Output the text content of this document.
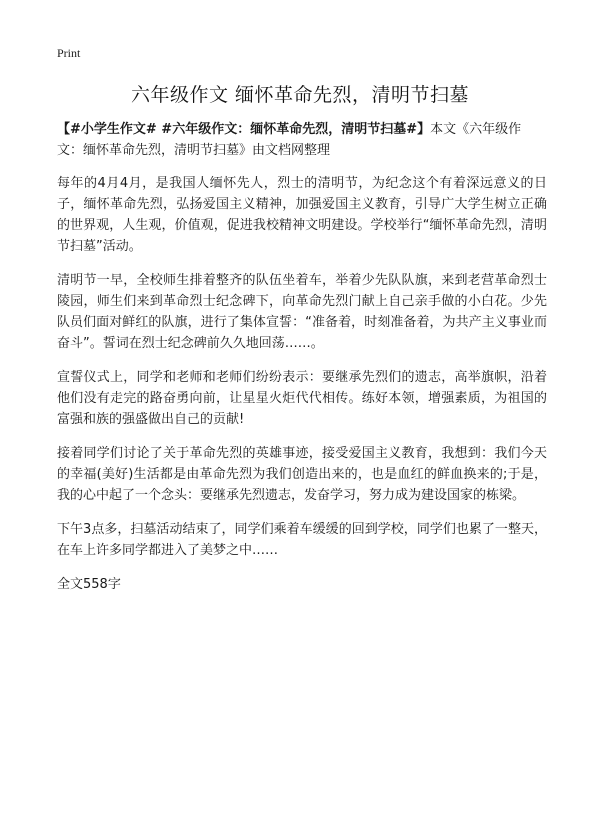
Print
六年级作文 缅怀革命先烈，清明节扫墓

【#小学生作文# #六年级作文：缅怀革命先烈，清明节扫墓#】本文《六年级作文：缅怀革命先烈，清明节扫墓》由文档网整理

每年的4月4月，是我国人缅怀先人，烈士的清明节，为纪念这个有着深远意义的日子，缅怀革命先烈，弘扬爱国主义精神，加强爱国主义教育，引导广大学生树立正确的世界观，人生观，价值观，促进我校精神文明建设。学校举行“缅怀革命先烈，清明节扫墓”活动。

清明节一早，全校师生排着整齐的队伍坐着车，举着少先队队旗，来到老营革命烈士陵园，师生们来到革命烈士纪念碑下，向革命先烈门献上自己亲手做的小白花。少先队员们面对鲜红的队旗，进行了集体宣誓：“准备着，时刻准备着，为共产主义事业而奋斗”。誓词在烈士纪念碑前久久地回荡……。

宣誓仪式上，同学和老师和老师们纷纷表示：要继承先烈们的遗志，高举旗帜，沿着他们没有走完的路奋勇向前，让星星火炬代代相传。练好本领，增强素质，为祖国的富强和族的强盛做出自己的贡献!

接着同学们讨论了关于革命先烈的英雄事迹，接受爱国主义教育，我想到：我们今天的幸福(美好)生活都是由革命先烈为我们创造出来的，也是血红的鲜血换来的;于是，我的心中起了一个念头：要继承先烈遗志，发奋学习，努力成为建设国家的栋梁。

下午3点多，扫墓活动结束了，同学们乘着车缓缓的回到学校，同学们也累了一整天，在车上许多同学都进入了美梦之中……

全文558字
